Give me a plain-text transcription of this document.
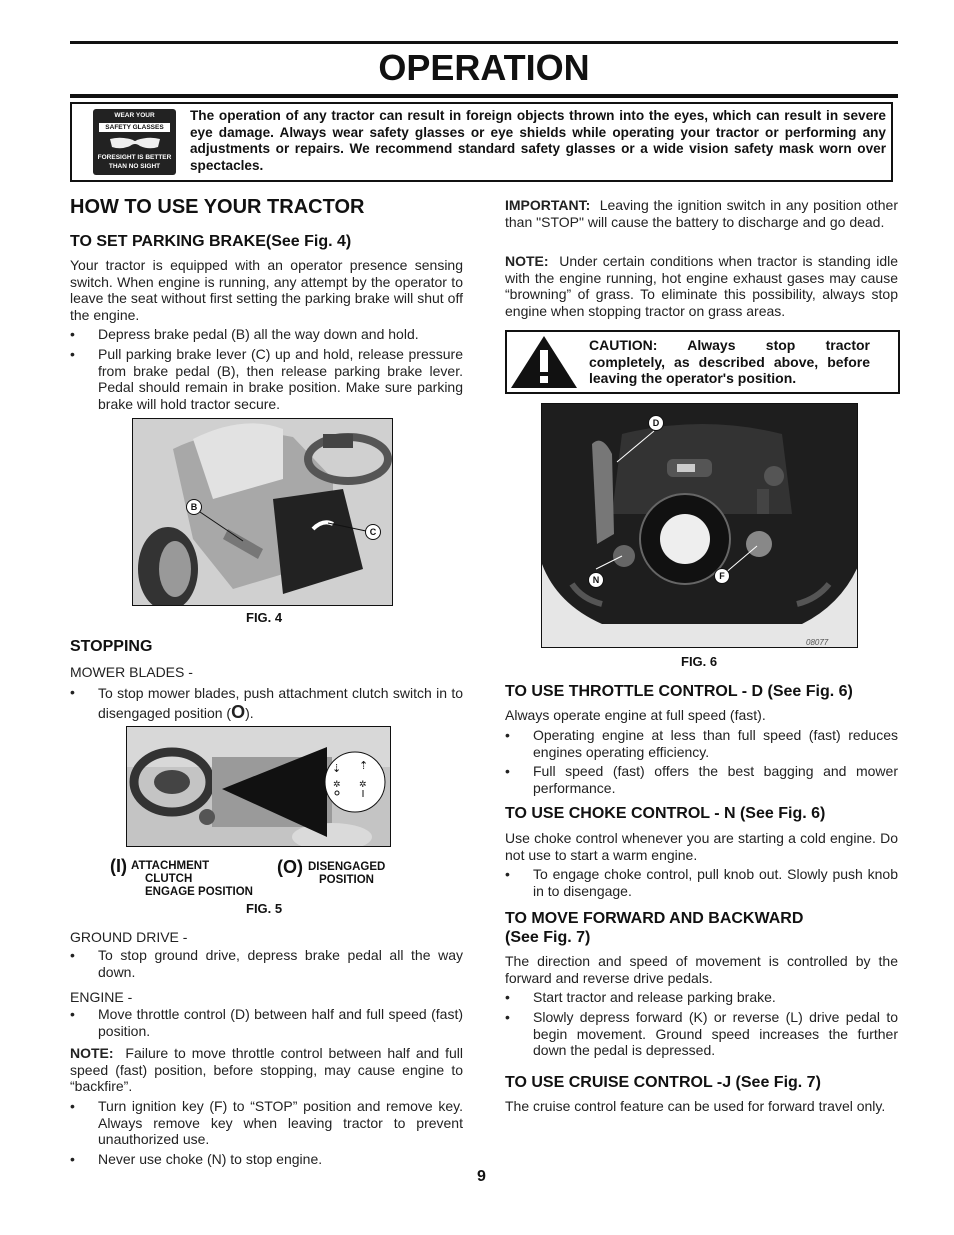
OPERATION
WEAR YOUR
SAFETY GLASSES
FORESIGHT IS BETTER
THAN NO SIGHT
The operation of any tractor can result in foreign objects thrown into the eyes, which can result in severe eye damage. Always wear safety glasses or eye shields while operating your tractor or performing any adjustments or repairs. We recommend standard safety glasses or a wide vision safety mask worn over spectacles.
HOW TO USE YOUR TRACTOR
TO SET PARKING BRAKE(See Fig. 4)
Your tractor is equipped with an operator presence sensing switch. When engine is running, any attempt by the operator to leave the seat without first setting the parking brake will shut off the engine.
• Depress brake pedal (B) all the way down and hold.
• Pull parking brake lever (C) up and hold, release pressure from brake pedal (B), then release parking brake lever. Pedal should remain in brake position. Make sure parking brake will hold tractor secure.
B
C
FIG. 4
STOPPING
MOWER BLADES -
• To stop mower blades, push attachment clutch switch in to disengaged position (O).
⇣ ⇡
✲ ✲
(I) ATTACHMENT
CLUTCH
ENGAGE POSITION
(O) DISENGAGED
POSITION
FIG. 5
GROUND DRIVE -
• To stop ground drive, depress brake pedal all the way down.
ENGINE -
• Move throttle control (D) between half and full speed (fast) position.
NOTE: Failure to move throttle control between half and full speed (fast) position, before stopping, may cause engine to “backfire”.
• Turn ignition key (F) to “STOP” position and remove key. Always remove key when leaving tractor to prevent unauthorized use.
• Never use choke (N) to stop engine.
IMPORTANT: Leaving the ignition switch in any position other than "STOP" will cause the battery to discharge and go dead.
NOTE: Under certain conditions when tractor is standing idle with the engine running, hot engine exhaust gases may cause “browning” of grass. To eliminate this possibility, always stop engine when stopping tractor on grass areas.
CAUTION: Always stop tractor completely, as described above, before leaving the operator's position.
D
N	F
08077
FIG. 6
TO USE THROTTLE CONTROL - D (See Fig. 6)
Always operate engine at full speed (fast).
• Operating engine at less than full speed (fast) reduces engines operating efficiency.
• Full speed (fast) offers the best bagging and mower performance.
TO USE CHOKE CONTROL - N (See Fig. 6)
Use choke control whenever you are starting a cold engine. Do not use to start a warm engine.
• To engage choke control, pull knob out. Slowly push knob in to disengage.
TO MOVE FORWARD AND BACKWARD
(See Fig. 7)
The direction and speed of movement is controlled by the forward and reverse drive pedals.
• Start tractor and release parking brake.
• Slowly depress forward (K) or reverse (L) drive pedal to begin movement. Ground speed increases the further down the pedal is depressed.
TO USE CRUISE CONTROL -J (See Fig. 7)
The cruise control feature can be used for forward travel only.
9
